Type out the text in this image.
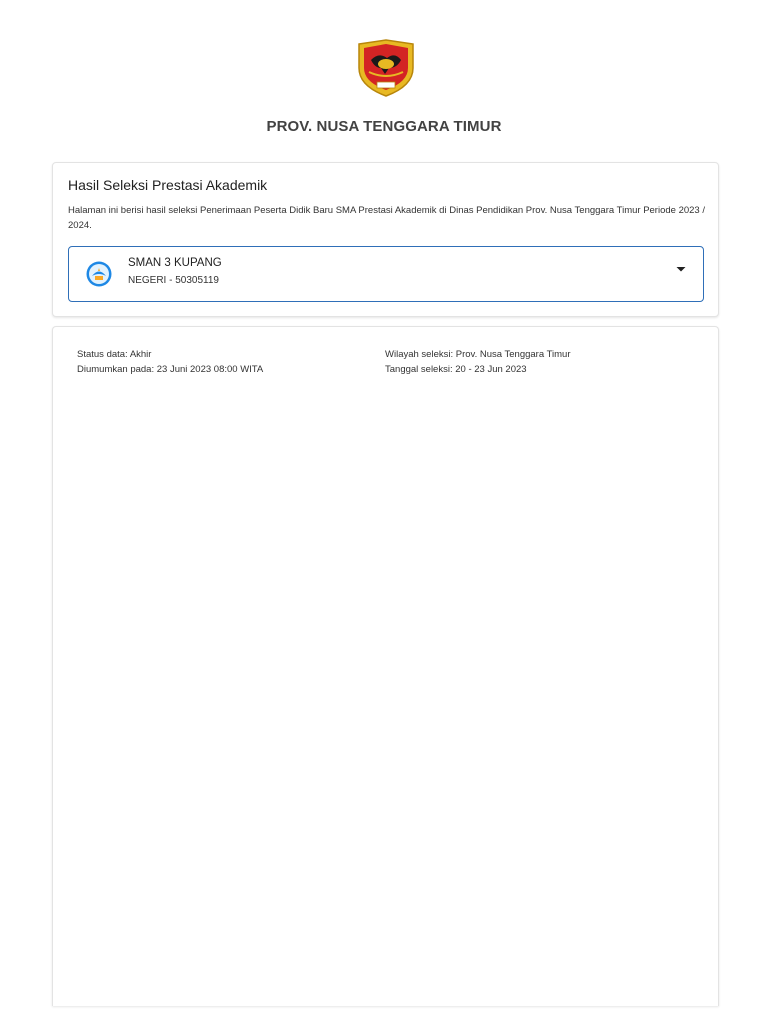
PROV. NUSA TENGGARA TIMUR
Hasil Seleksi Prestasi Akademik
Halaman ini berisi hasil seleksi Penerimaan Peserta Didik Baru SMA Prestasi Akademik di Dinas Pendidikan Prov. Nusa Tenggara Timur Periode 2023 / 2024.
SMAN 3 KUPANG
NEGERI - 50305119
Status data: Akhir
Diumumkan pada: 23 Juni 2023 08:00 WITA
Wilayah seleksi: Prov. Nusa Tenggara Timur
Tanggal seleksi: 20 - 23 Jun 2023
